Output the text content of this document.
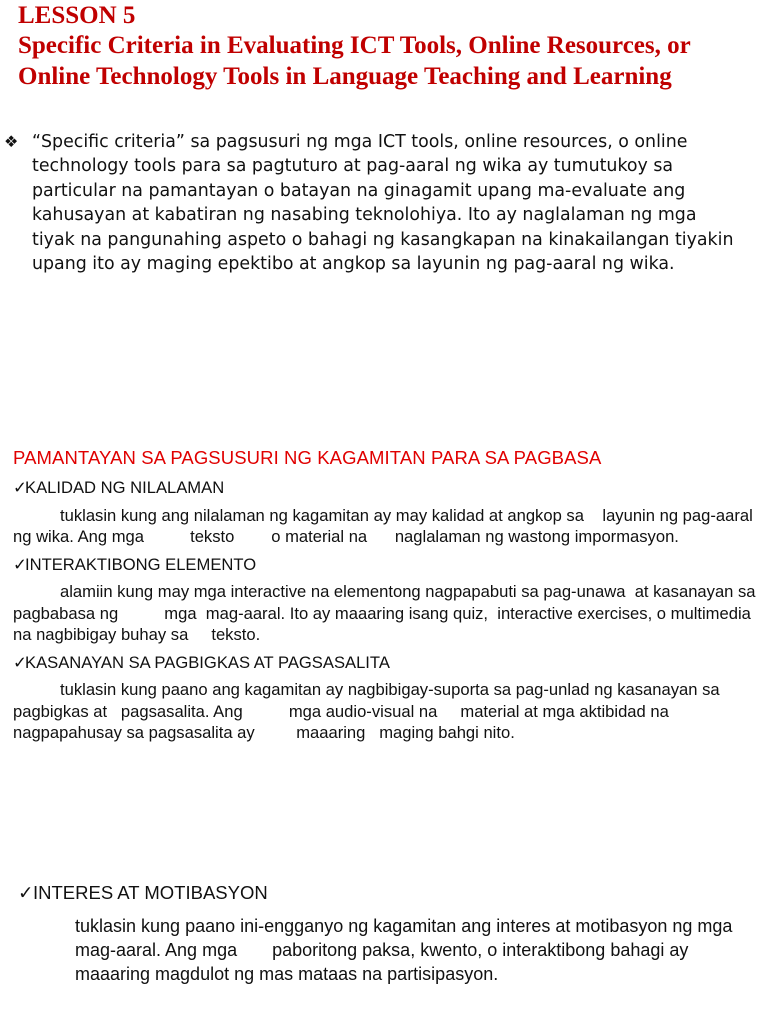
LESSON 5
Specific Criteria in Evaluating ICT Tools, Online Resources, or Online Technology Tools in Language Teaching and Learning

❖ “Specific criteria” sa pagsusuri ng mga ICT tools, online resources, o online technology tools para sa pagtuturo at pag-aaral ng wika ay tumutukoy sa particular na pamantayan o batayan na ginagamit upang ma-evaluate ang kahusayan at kabatiran ng nasabing teknolohiya. Ito ay naglalaman ng mga tiyak na pangunahing aspeto o bahagi ng kasangkapan na kinakailangan tiyakin upang ito ay maging epektibo at angkop sa layunin ng pag-aaral ng wika.

PAMANTAYAN SA PAGSUSURI NG KAGAMITAN PARA SA PAGBASA

✓KALIDAD NG NILALAMAN

tuklasin kung ang nilalaman ng kagamitan ay may kalidad at angkop sa    layunin ng pag-aaral ng wika. Ang mga          teksto        o material na      naglalaman ng wastong impormasyon.

✓INTERAKTIBONG ELEMENTO

alamiin kung may mga interactive na elementong nagpapabuti sa pag-unawa  at kasanayan sa pagbabasa ng          mga  mag-aaral. Ito ay maaaring isang quiz,  interactive exercises, o multimedia na nagbibigay buhay sa     teksto.

✓KASANAYAN SA PAGBIGKAS AT PAGSASALITA

tuklasin kung paano ang kagamitan ay nagbibigay-suporta sa pag-unlad ng kasanayan sa pagbigkas at   pagsasalita. Ang          mga audio-visual na     material at mga aktibidad na nagpapahusay sa pagsasalita ay         maaaring   maging bahgi nito.

✓INTERES AT MOTIBASYON

tuklasin kung paano ini-engganyo ng kagamitan ang interes at motibasyon ng mga mag-aaral. Ang mga       paboritong paksa, kwento, o interaktibong bahagi ay maaaring magdulot ng mas mataas na partisipasyon.
